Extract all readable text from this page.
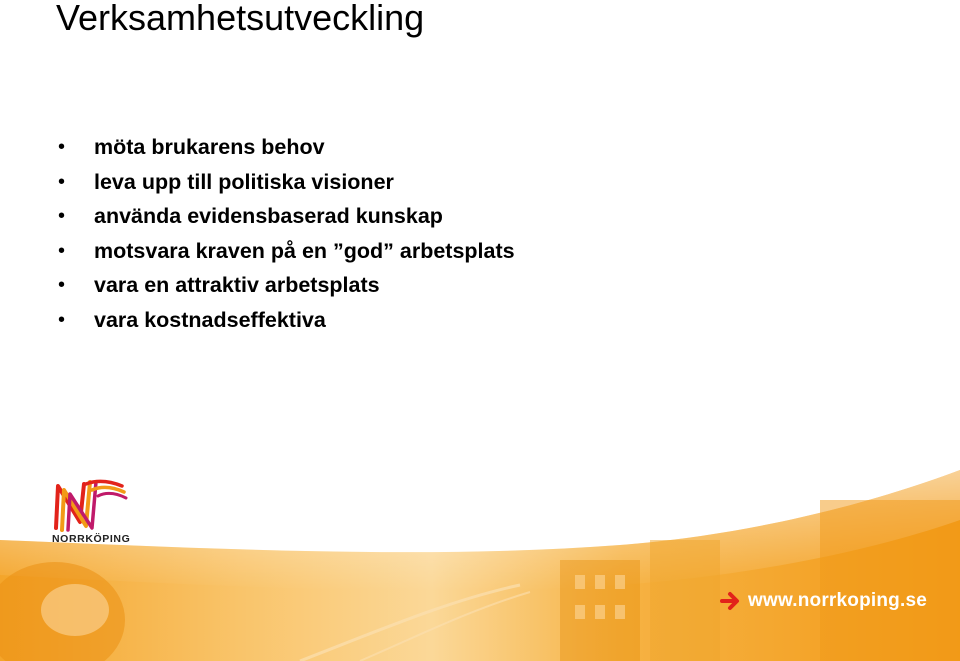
Verksamhetsutveckling
• möta brukarens behov
• leva upp till politiska visioner
• använda evidensbaserad kunskap
• motsvara kraven på en ”god” arbetsplats
• vara en attraktiv arbetsplats
• vara kostnadseffektiva
NORRKÖPING
www.norrkoping.se
